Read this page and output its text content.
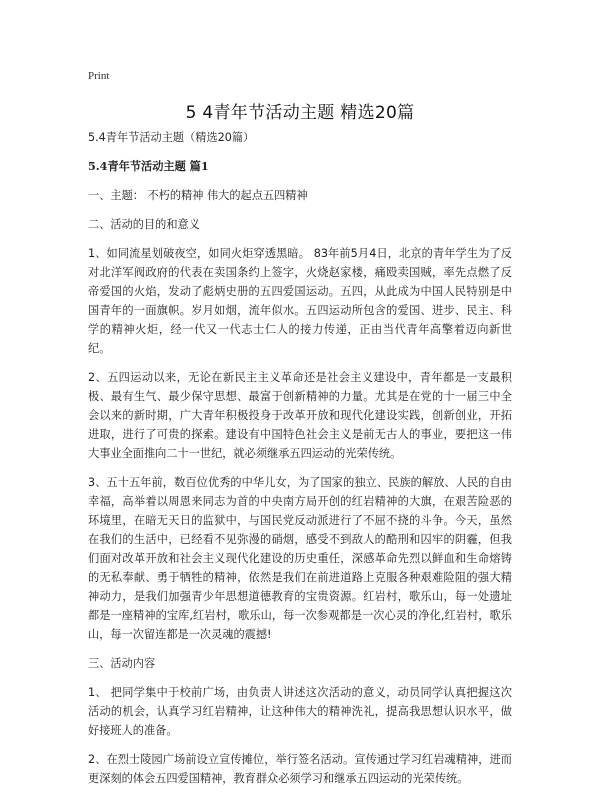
Print
5 4青年节活动主题 精选20篇

5.4青年节活动主题（精选20篇）

5.4青年节活动主题 篇1

一、主题： 不朽的精神 伟大的起点五四精神

二、活动的目的和意义

1、如同流星划破夜空，如同火炬穿透黑暗。 83年前5月4日，北京的青年学生为了反对北洋军阀政府的代表在卖国条约上签字，火烧赵家楼，痛殴卖国贼，率先点燃了反帝爱国的火焰，发动了彪炳史册的五四爱国运动。五四，从此成为中国人民特别是中国青年的一面旗帜。岁月如烟，流年似水。五四运动所包含的爱国、进步、民主、科学的精神火炬，经一代又一代志士仁人的接力传递，正由当代青年高擎着迈向新世纪。

2、五四运动以来，无论在新民主主义革命还是社会主义建设中，青年都是一支最积极、最有生气、最少保守思想、最富于创新精神的力量。尤其是在党的十一届三中全会以来的新时期，广大青年积极投身于改革开放和现代化建设实践，创新创业，开拓进取，进行了可贵的探索。建设有中国特色社会主义是前无古人的事业，要把这一伟大事业全面推向二十一世纪，就必须继承五四运动的光荣传统。

3、五十五年前，数百位优秀的中华儿女，为了国家的独立、民族的解放、人民的自由幸福，高举着以周恩来同志为首的中央南方局开创的红岩精神的大旗，在艰苦险恶的环境里，在暗无天日的监狱中，与国民党反动派进行了不屈不挠的斗争。今天，虽然在我们的生活中，已经看不见弥漫的硝烟，感受不到敌人的酷刑和囚牢的阴霾，但我们面对改革开放和社会主义现代化建设的历史重任，深感革命先烈以鲜血和生命熔铸的无私奉献、勇于牺牲的精神，依然是我们在前进道路上克服各种艰难险阻的强大精神动力，是我们加强青少年思想道德教育的宝贵资源。红岩村，歌乐山，每一处遗址都是一座精神的宝库,红岩村，歌乐山，每一次参观都是一次心灵的净化,红岩村，歌乐山，每一次留连都是一次灵魂的震撼!

三、活动内容

1、 把同学集中于校前广场，由负责人讲述这次活动的意义，动员同学认真把握这次活动的机会，认真学习红岩精神，让这种伟大的精神洗礼，提高我思想认识水平，做好接班人的准备。

2、在烈士陵园广场前设立宣传摊位，举行签名活动。宣传通过学习红岩魂精神，进而更深刻的体会五四爱国精神，教育群众必须学习和继承五四运动的光荣传统。
